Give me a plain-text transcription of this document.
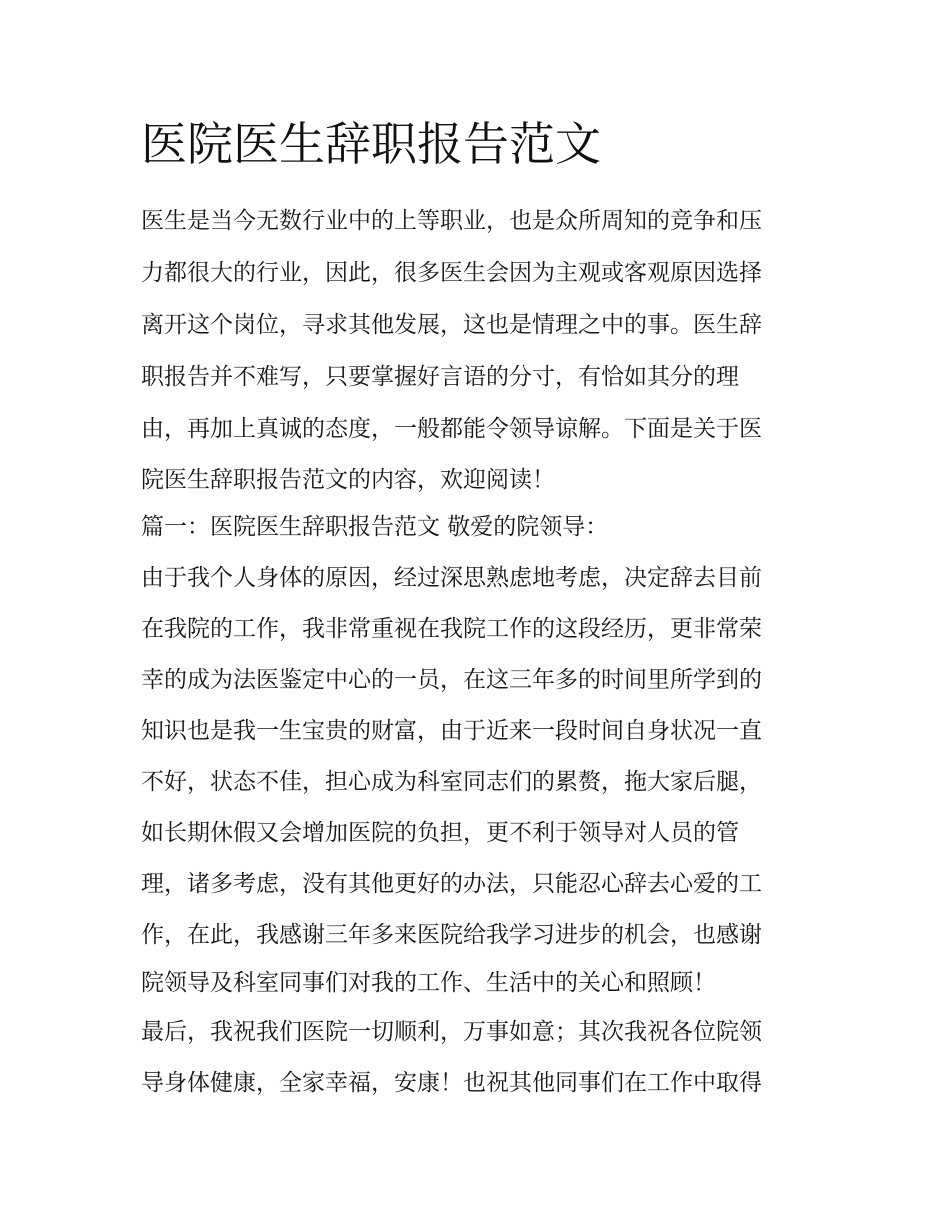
医院医生辞职报告范文

医生是当今无数行业中的上等职业，也是众所周知的竞争和压

力都很大的行业，因此，很多医生会因为主观或客观原因选择

离开这个岗位，寻求其他发展，这也是情理之中的事。医生辞

职报告并不难写，只要掌握好言语的分寸，有恰如其分的理

由，再加上真诚的态度，一般都能令领导谅解。下面是关于医

院医生辞职报告范文的内容，欢迎阅读！

篇一：医院医生辞职报告范文 敬爱的院领导：

由于我个人身体的原因，经过深思熟虑地考虑，决定辞去目前

在我院的工作，我非常重视在我院工作的这段经历，更非常荣

幸的成为法医鉴定中心的一员，在这三年多的时间里所学到的

知识也是我一生宝贵的财富，由于近来一段时间自身状况一直

不好，状态不佳，担心成为科室同志们的累赘，拖大家后腿，

如长期休假又会增加医院的负担，更不利于领导对人员的管

理，诸多考虑，没有其他更好的办法，只能忍心辞去心爱的工

作，在此，我感谢三年多来医院给我学习进步的机会，也感谢

院领导及科室同事们对我的工作、生活中的关心和照顾！

最后，我祝我们医院一切顺利，万事如意；其次我祝各位院领

导身体健康，全家幸福，安康！也祝其他同事们在工作中取得
